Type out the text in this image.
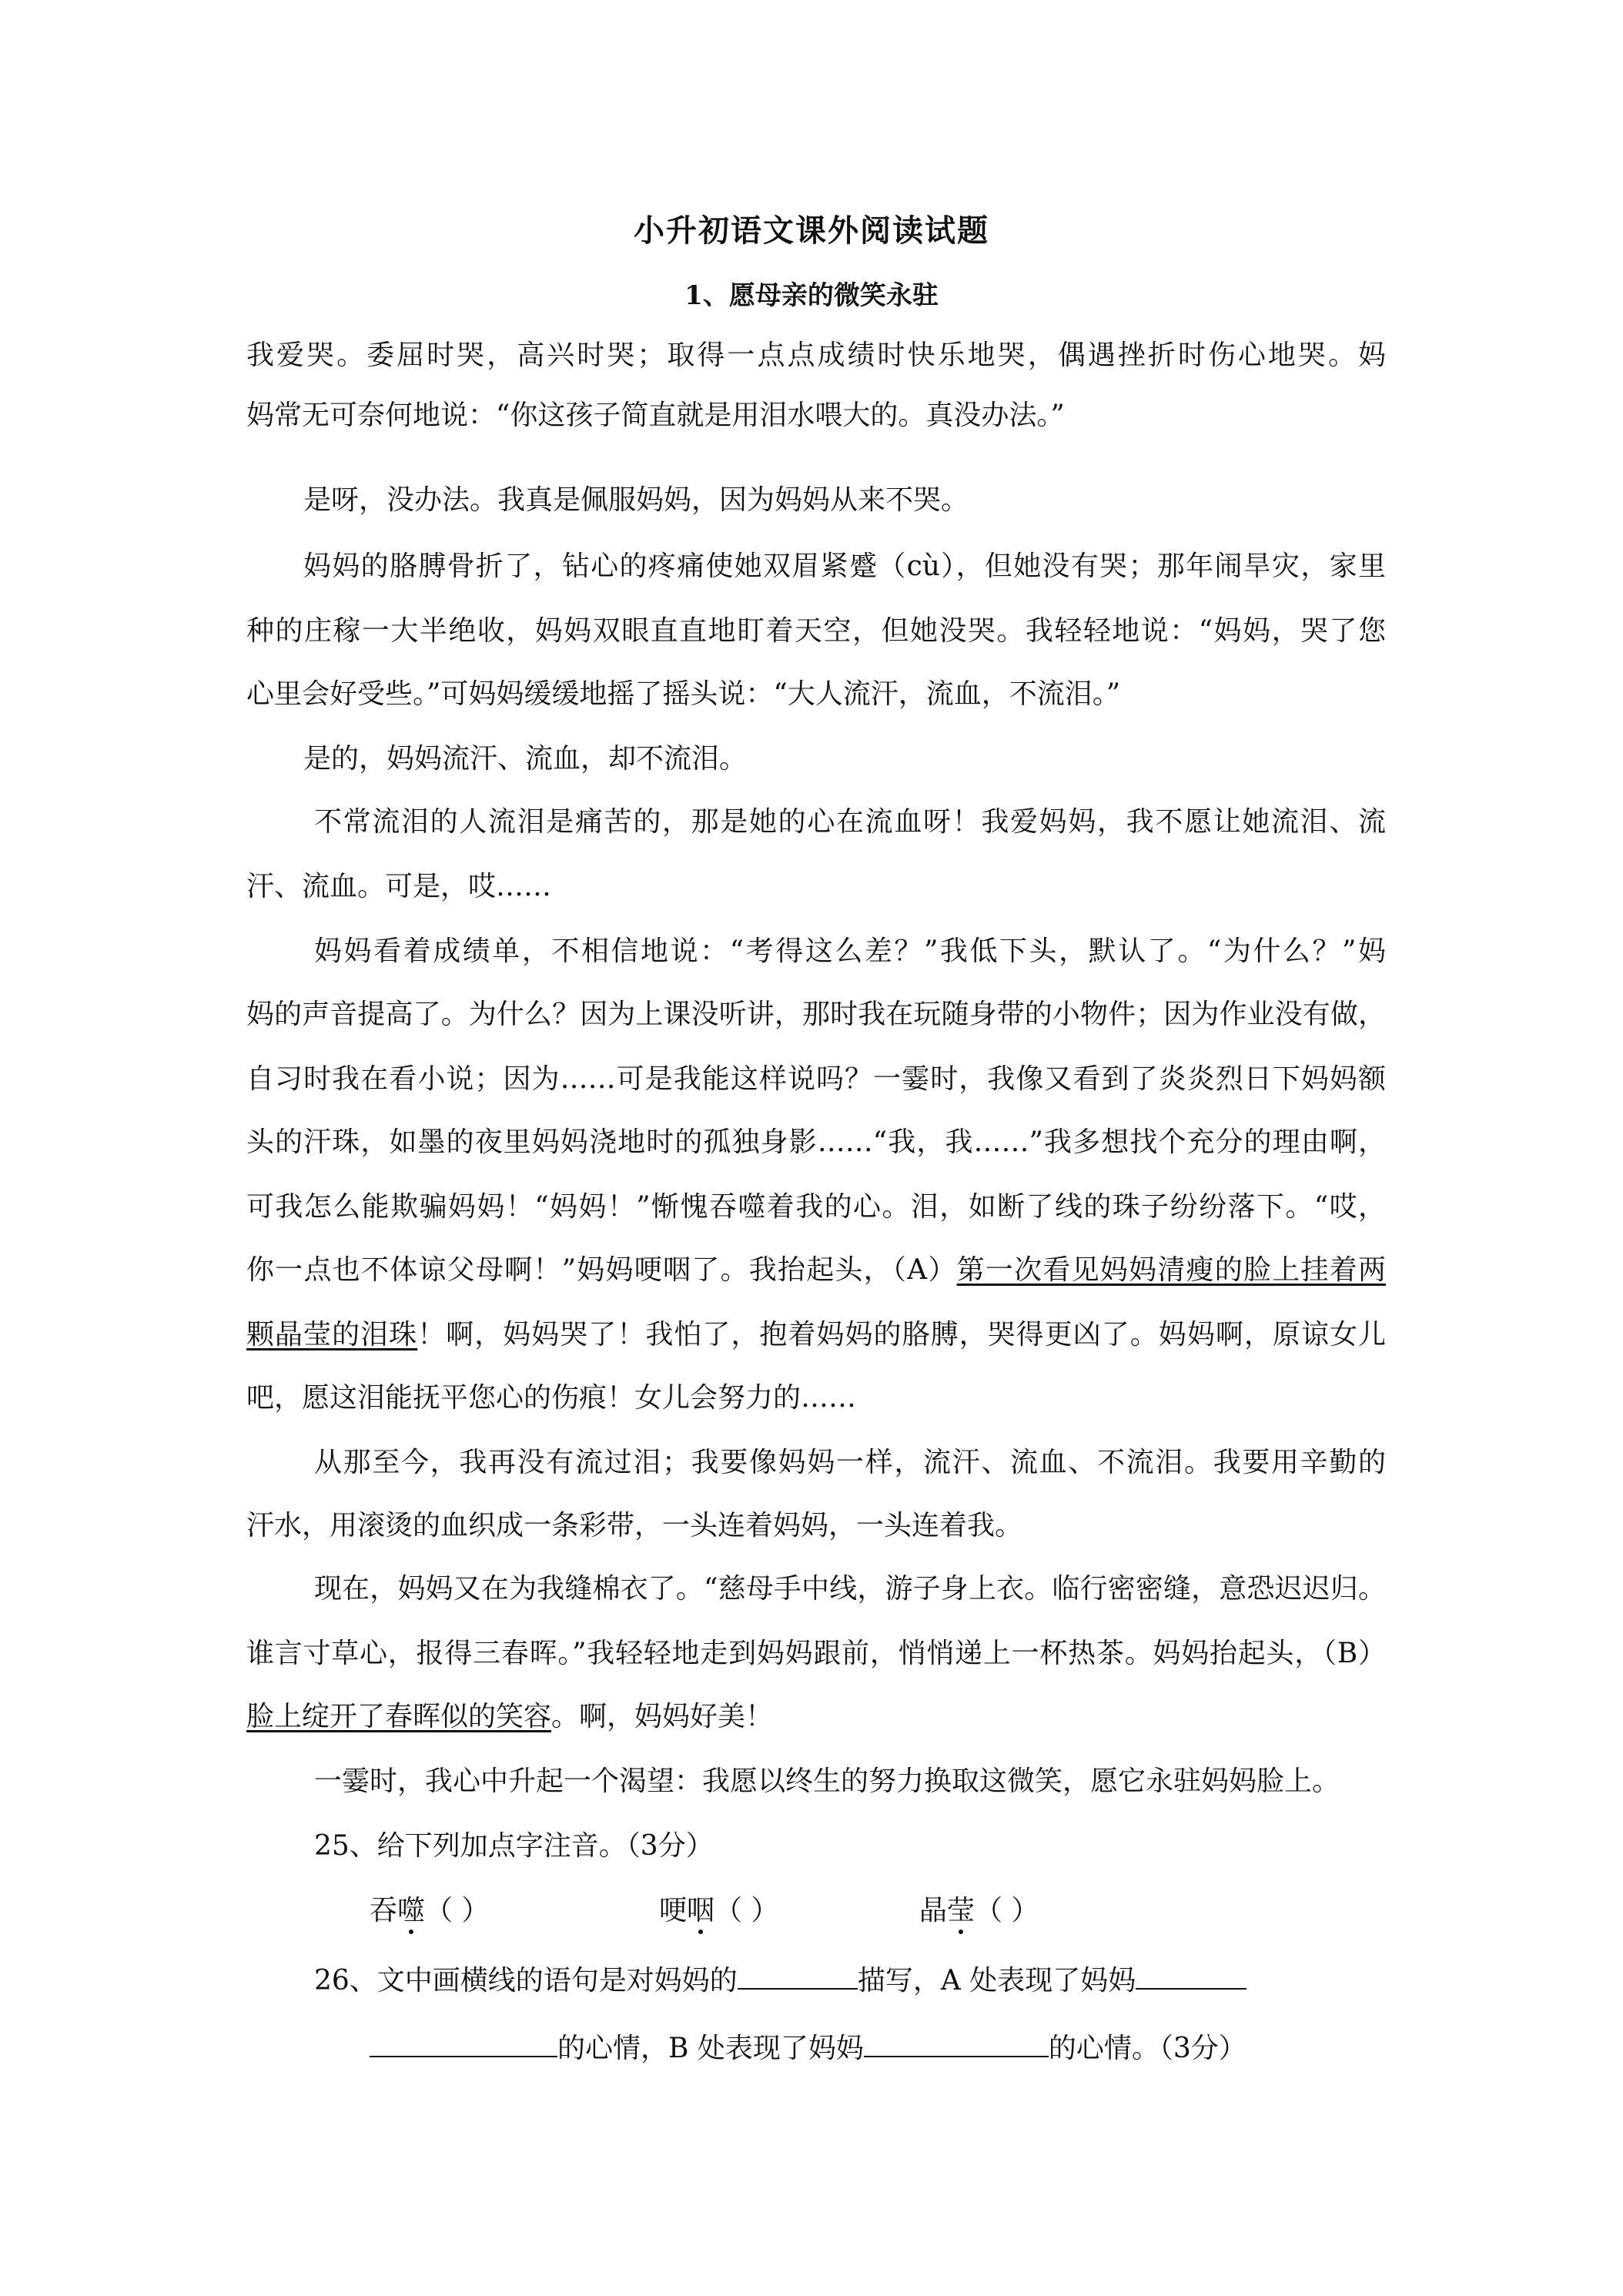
小升初语文课外阅读试题
1、愿母亲的微笑永驻
我爱哭。委屈时哭，高兴时哭；取得一点点成绩时快乐地哭，偶遇挫折时伤心地哭。妈
妈常无可奈何地说：“你这孩子简直就是用泪水喂大的。真没办法。”
是呀，没办法。我真是佩服妈妈，因为妈妈从来不哭。
妈妈的胳膊骨折了，钻心的疼痛使她双眉紧蹙（cù），但她没有哭；那年闹旱灾，家里
种的庄稼一大半绝收，妈妈双眼直直地盯着天空，但她没哭。我轻轻地说：“妈妈，哭了您
心里会好受些。”可妈妈缓缓地摇了摇头说：“大人流汗，流血，不流泪。”
是的，妈妈流汗、流血，却不流泪。
不常流泪的人流泪是痛苦的，那是她的心在流血呀！我爱妈妈，我不愿让她流泪、流
汗、流血。可是，哎……
妈妈看着成绩单，不相信地说：“考得这么差？”我低下头，默认了。“为什么？”妈
妈的声音提高了。为什么？因为上课没听讲，那时我在玩随身带的小物件；因为作业没有做，
自习时我在看小说；因为……可是我能这样说吗？一霎时，我像又看到了炎炎烈日下妈妈额
头的汗珠，如墨的夜里妈妈浇地时的孤独身影……“我，我……”我多想找个充分的理由啊，
可我怎么能欺骗妈妈！“妈妈！”惭愧吞噬着我的心。泪，如断了线的珠子纷纷落下。“哎，
你一点也不体谅父母啊！”妈妈哽咽了。我抬起头，（A）第一次看见妈妈清瘦的脸上挂着两
颗晶莹的泪珠！啊，妈妈哭了！我怕了，抱着妈妈的胳膊，哭得更凶了。妈妈啊，原谅女儿
吧，愿这泪能抚平您心的伤痕！女儿会努力的……
从那至今，我再没有流过泪；我要像妈妈一样，流汗、流血、不流泪。我要用辛勤的
汗水，用滚烫的血织成一条彩带，一头连着妈妈，一头连着我。
现在，妈妈又在为我缝棉衣了。“慈母手中线，游子身上衣。临行密密缝，意恐迟迟归。
谁言寸草心，报得三春晖。”我轻轻地走到妈妈跟前，悄悄递上一杯热茶。妈妈抬起头，（B）
脸上绽开了春晖似的笑容。啊，妈妈好美！
一霎时，我心中升起一个渴望：我愿以终生的努力换取这微笑，愿它永驻妈妈脸上。
25、给下列加点字注音。（3分）
吞噬（ ）	哽咽（ ）	晶莹（ ）
26、文中画横线的语句是对妈妈的	描写，A 处表现了妈妈
的心情，B 处表现了妈妈	的心情。（3分）
